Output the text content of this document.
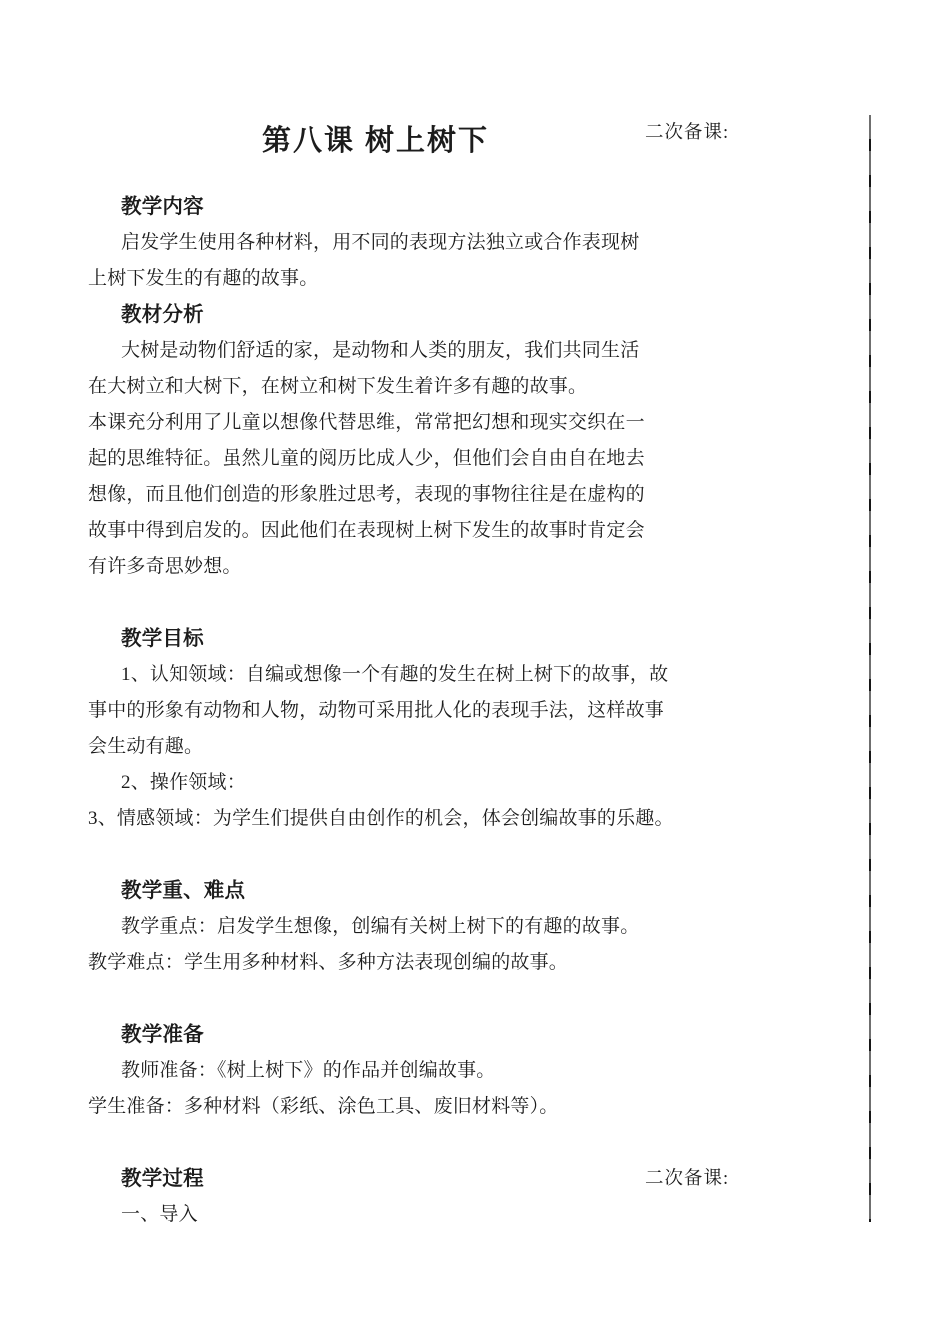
第八课 树上树下	二次备课:
教学内容
启发学生使用各种材料，用不同的表现方法独立或合作表现树
上树下发生的有趣的故事。
教材分析
大树是动物们舒适的家，是动物和人类的朋友，我们共同生活
在大树立和大树下，在树立和树下发生着许多有趣的故事。
本课充分利用了儿童以想像代替思维，常常把幻想和现实交织在一
起的思维特征。虽然儿童的阅历比成人少，但他们会自由自在地去
想像，而且他们创造的形象胜过思考，表现的事物往往是在虚构的
故事中得到启发的。因此他们在表现树上树下发生的故事时肯定会
有许多奇思妙想。
教学目标
1、认知领域：自编或想像一个有趣的发生在树上树下的故事，故
事中的形象有动物和人物，动物可采用批人化的表现手法，这样故事
会生动有趣。
2、操作领域：
3、情感领域：为学生们提供自由创作的机会，体会创编故事的乐趣。
教学重、难点
教学重点：启发学生想像，创编有关树上树下的有趣的故事。
教学难点：学生用多种材料、多种方法表现创编的故事。
教学准备
教师准备：《树上树下》的作品并创编故事。
学生准备：多种材料（彩纸、涂色工具、废旧材料等）。
教学过程	二次备课:
一、导入
